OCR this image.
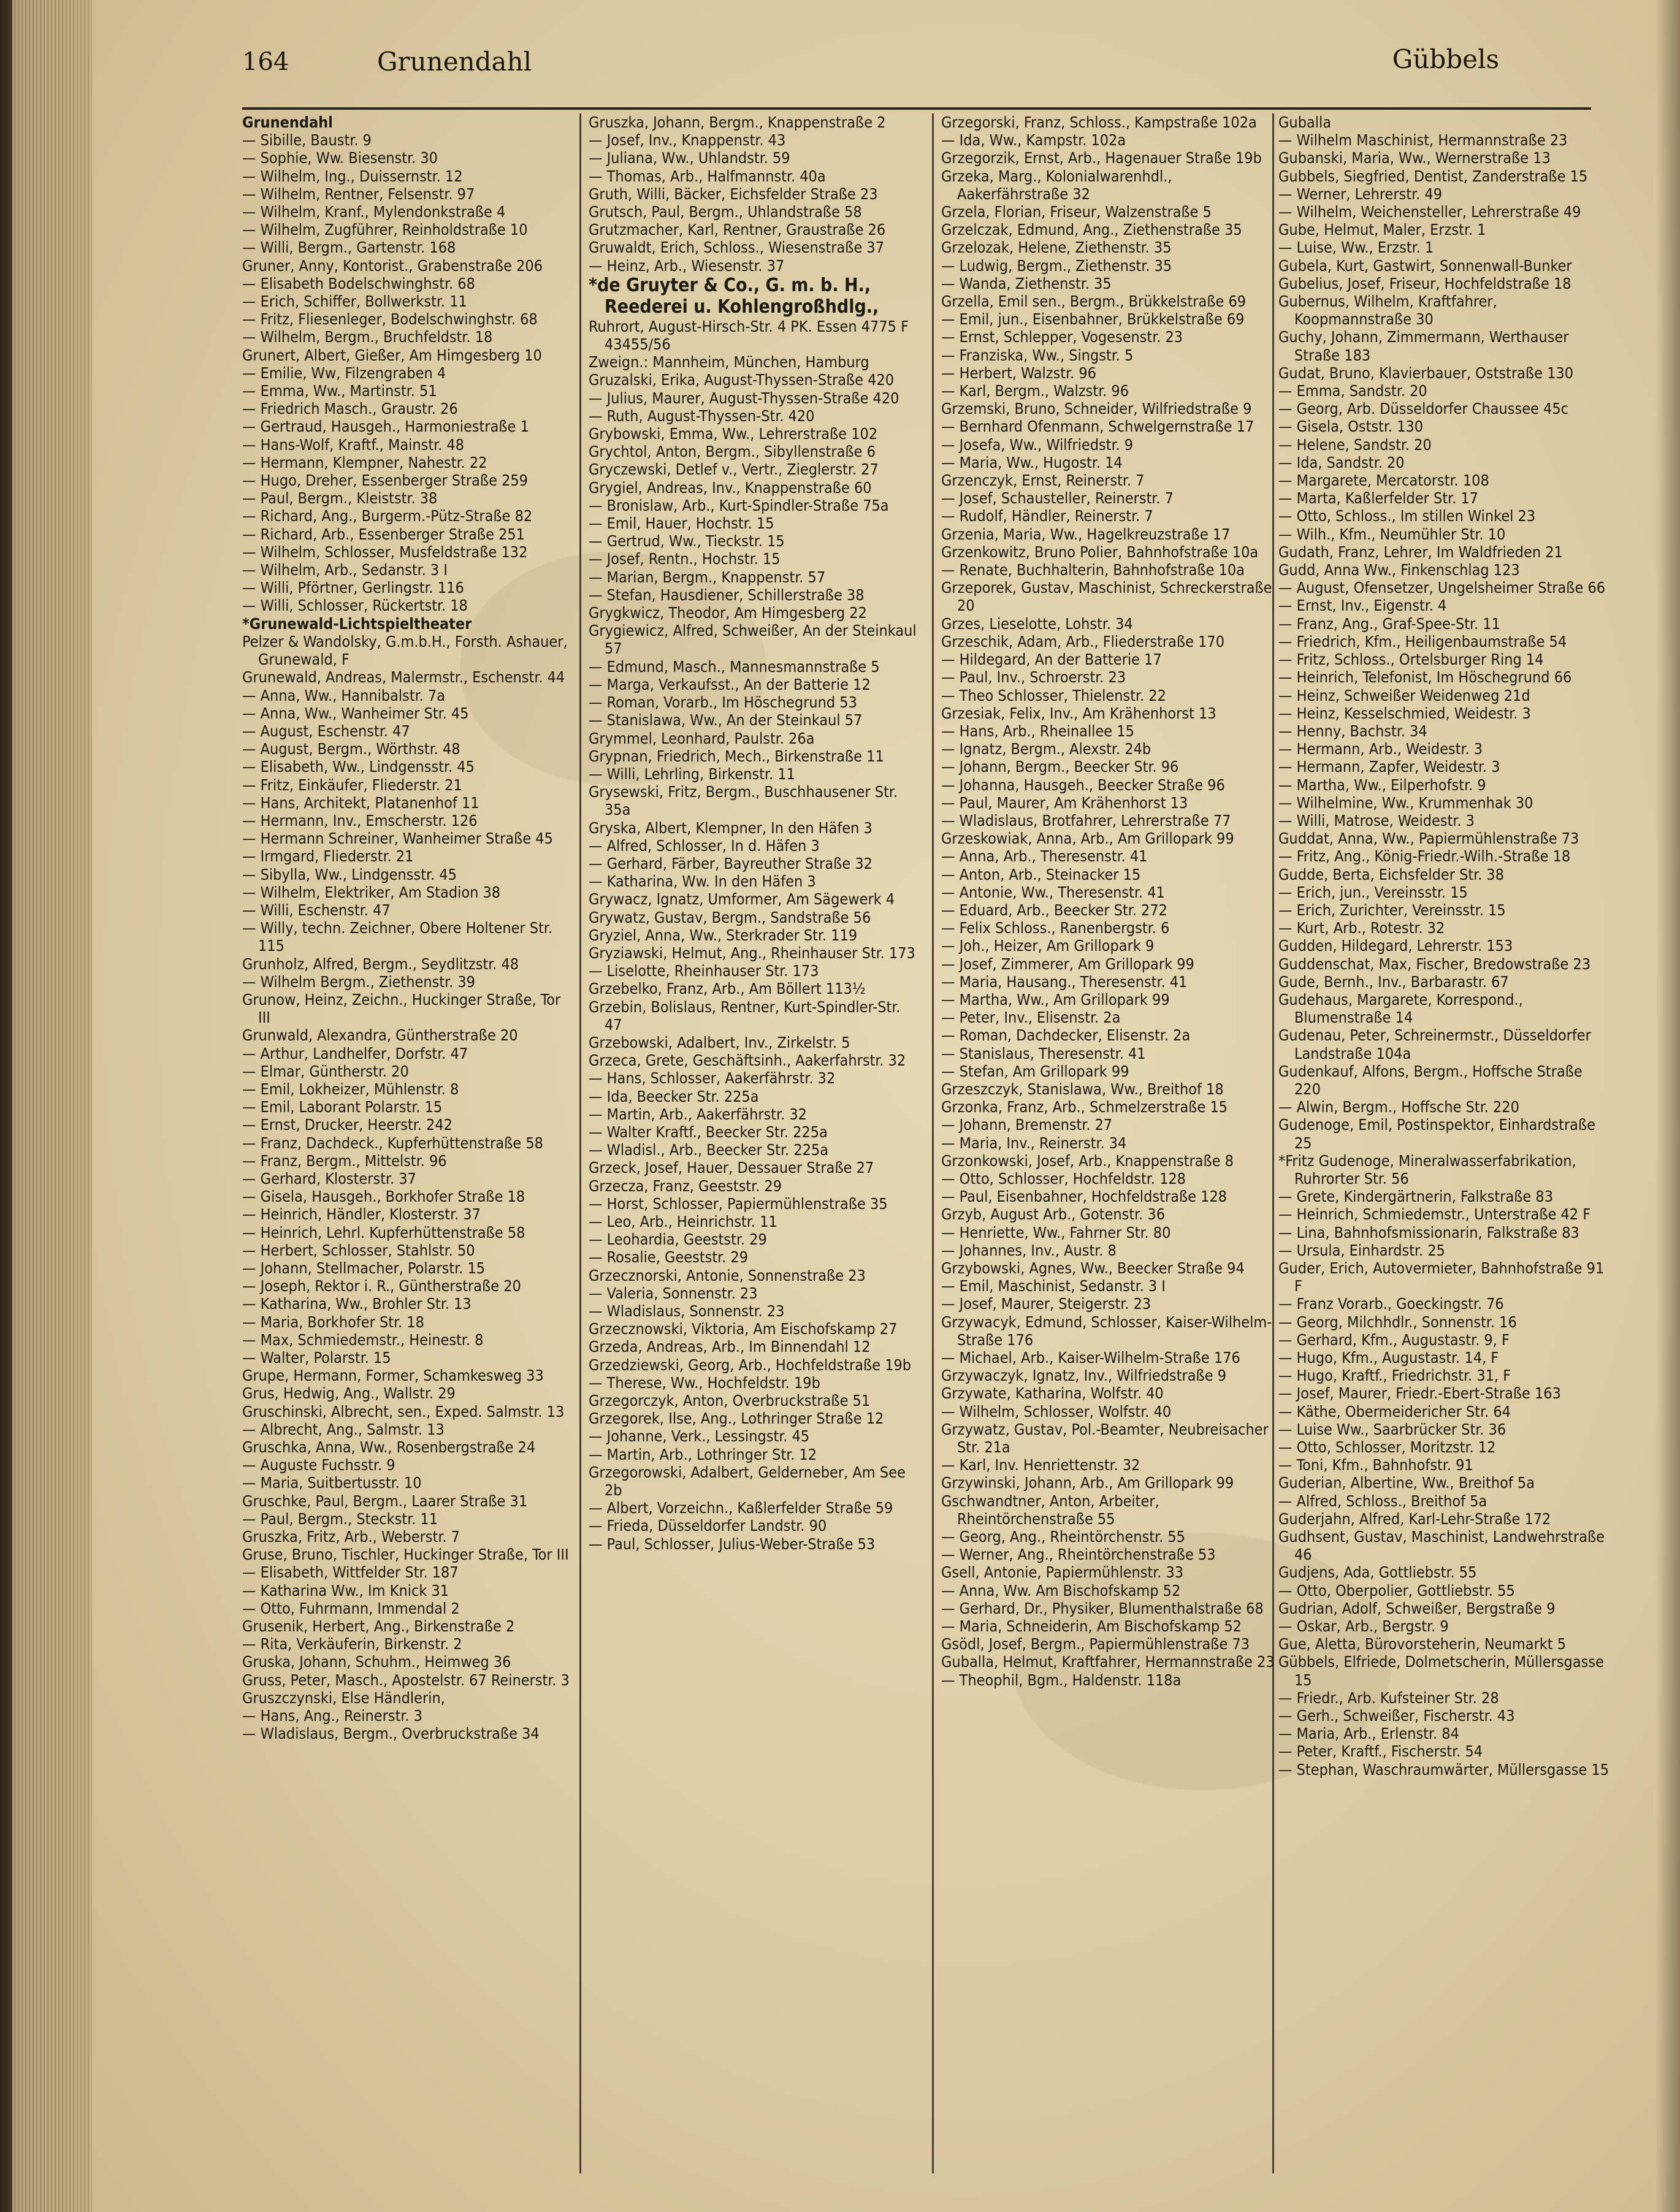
164	Grunendahl	Gübbels

Grunendahl

— Sibille, Baustr. 9

— Sophie, Ww. Biesenstr. 30

— Wilhelm, Ing., Duissernstr. 12

— Wilhelm, Rentner, Felsenstr. 97

— Wilhelm, Kranf., Mylendonkstraße 4

— Wilhelm, Zugführer, Reinholdstraße 10

— Willi, Bergm., Gartenstr. 168

Gruner, Anny, Kontorist., Grabenstraße 206

— Elisabeth Bodelschwinghstr. 68

— Erich, Schiffer, Bollwerkstr. 11

— Fritz, Fliesenleger, Bodelschwinghstr. 68

— Wilhelm, Bergm., Bruchfeldstr. 18

Grunert, Albert, Gießer, Am Himgesberg 10

— Emilie, Ww, Filzengraben 4

— Emma, Ww., Martinstr. 51

— Friedrich Masch., Graustr. 26

— Gertraud, Hausgeh., Harmoniestraße 1

— Hans-Wolf, Kraftf., Mainstr. 48

— Hermann, Klempner, Nahestr. 22

— Hugo, Dreher, Essenberger Straße 259

— Paul, Bergm., Kleiststr. 38

— Richard, Ang., Burgerm.-Pütz-Straße 82

— Richard, Arb., Essenberger Straße 251

— Wilhelm, Schlosser, Musfeldstraße 132

— Wilhelm, Arb., Sedanstr. 3 I

— Willi, Pförtner, Gerlingstr. 116

— Willi, Schlosser, Rückertstr. 18

*Grunewald-Lichtspieltheater

Pelzer & Wandolsky, G.m.b.H., Forsth. Ashauer, Grunewald, F

Grunewald, Andreas, Malermstr., Eschenstr. 44

— Anna, Ww., Hannibalstr. 7a

— Anna, Ww., Wanheimer Str. 45

— August, Eschenstr. 47

— August, Bergm., Wörthstr. 48

— Elisabeth, Ww., Lindgensstr. 45

— Fritz, Einkäufer, Fliederstr. 21

— Hans, Architekt, Platanenhof 11

— Hermann, Inv., Emscherstr. 126

— Hermann Schreiner, Wanheimer Straße 45

— Irmgard, Fliederstr. 21

— Sibylla, Ww., Lindgensstr. 45

— Wilhelm, Elektriker, Am Stadion 38

— Willi, Eschenstr. 47

— Willy, techn. Zeichner, Obere Holtener Str. 115

Grunholz, Alfred, Bergm., Seydlitzstr. 48

— Wilhelm Bergm., Ziethenstr. 39

Grunow, Heinz, Zeichn., Huckinger Straße, Tor III

Grunwald, Alexandra, Güntherstraße 20

— Arthur, Landhelfer, Dorfstr. 47

— Elmar, Güntherstr. 20

— Emil, Lokheizer, Mühlenstr. 8

— Emil, Laborant Polarstr. 15

— Ernst, Drucker, Heerstr. 242

— Franz, Dachdeck., Kupferhüttenstraße 58

— Franz, Bergm., Mittelstr. 96

— Gerhard, Klosterstr. 37

— Gisela, Hausgeh., Borkhofer Straße 18

— Heinrich, Händler, Klosterstr. 37

— Heinrich, Lehrl. Kupferhüttenstraße 58

— Herbert, Schlosser, Stahlstr. 50

— Johann, Stellmacher, Polarstr. 15

— Joseph, Rektor i. R., Güntherstraße 20

— Katharina, Ww., Brohler Str. 13

— Maria, Borkhofer Str. 18

— Max, Schmiedemstr., Heinestr. 8

— Walter, Polarstr. 15

Grupe, Hermann, Former, Schamkesweg 33

Grus, Hedwig, Ang., Wallstr. 29

Gruschinski, Albrecht, sen., Exped. Salmstr. 13

— Albrecht, Ang., Salmstr. 13

Gruschka, Anna, Ww., Rosenbergstraße 24

— Auguste Fuchsstr. 9

— Maria, Suitbertusstr. 10

Gruschke, Paul, Bergm., Laarer Straße 31

— Paul, Bergm., Steckstr. 11

Gruszka, Fritz, Arb., Weberstr. 7

Gruse, Bruno, Tischler, Huckinger Straße, Tor III

— Elisabeth, Wittfelder Str. 187

— Katharina Ww., Im Knick 31

— Otto, Fuhrmann, Immendal 2

Grusenik, Herbert, Ang., Birkenstraße 2

— Rita, Verkäuferin, Birkenstr. 2

Gruska, Johann, Schuhm., Heimweg 36

Gruss, Peter, Masch., Apostelstr. 67 Reinerstr. 3

Gruszczynski, Else Händlerin,

— Hans, Ang., Reinerstr. 3

— Wladislaus, Bergm., Overbruckstraße 34

Gruszka, Johann, Bergm., Knappenstraße 2

— Josef, Inv., Knappenstr. 43

— Juliana, Ww., Uhlandstr. 59

— Thomas, Arb., Halfmannstr. 40a

Gruth, Willi, Bäcker, Eichsfelder Straße 23

Grutsch, Paul, Bergm., Uhlandstraße 58

Grutzmacher, Karl, Rentner, Graustraße 26

Gruwaldt, Erich, Schloss., Wiesenstraße 37

— Heinz, Arb., Wiesenstr. 37

*de Gruyter & Co., G. m. b. H., Reederei u. Kohlengroßhdlg.,

Ruhrort, August-Hirsch-Str. 4 PK. Essen 4775 F 43455/56

Zweign.: Mannheim, München, Hamburg

Gruzalski, Erika, August-Thyssen-Straße 420

— Julius, Maurer, August-Thyssen-Straße 420

— Ruth, August-Thyssen-Str. 420

Grybowski, Emma, Ww., Lehrerstraße 102

Grychtol, Anton, Bergm., Sibyllenstraße 6

Gryczewski, Detlef v., Vertr., Zieglerstr. 27

Grygiel, Andreas, Inv., Knappenstraße 60

— Bronislaw, Arb., Kurt-Spindler-Straße 75a

— Emil, Hauer, Hochstr. 15

— Gertrud, Ww., Tieckstr. 15

— Josef, Rentn., Hochstr. 15

— Marian, Bergm., Knappenstr. 57

— Stefan, Hausdiener, Schillerstraße 38

Grygkwicz, Theodor, Am Himgesberg 22

Grygiewicz, Alfred, Schweißer, An der Steinkaul 57

— Edmund, Masch., Mannesmannstraße 5

— Marga, Verkaufsst., An der Batterie 12

— Roman, Vorarb., Im Höschegrund 53

— Stanislawa, Ww., An der Steinkaul 57

Grymmel, Leonhard, Paulstr. 26a

Grypnan, Friedrich, Mech., Birkenstraße 11

— Willi, Lehrling, Birkenstr. 11

Grysewski, Fritz, Bergm., Buschhausener Str. 35a

Gryska, Albert, Klempner, In den Häfen 3

— Alfred, Schlosser, In d. Häfen 3

— Gerhard, Färber, Bayreuther Straße 32

— Katharina, Ww. In den Häfen 3

Grywacz, Ignatz, Umformer, Am Sägewerk 4

Grywatz, Gustav, Bergm., Sandstraße 56

Gryziel, Anna, Ww., Sterkrader Str. 119

Gryziawski, Helmut, Ang., Rheinhauser Str. 173

— Liselotte, Rheinhauser Str. 173

Grzebelko, Franz, Arb., Am Böllert 113½

Grzebin, Bolislaus, Rentner, Kurt-Spindler-Str. 47

Grzebowski, Adalbert, Inv., Zirkelstr. 5

Grzeca, Grete, Geschäftsinh., Aakerfahrstr. 32

— Hans, Schlosser, Aakerfährstr. 32

— Ida, Beecker Str. 225a

— Martin, Arb., Aakerfährstr. 32

— Walter Kraftf., Beecker Str. 225a

— Wladisl., Arb., Beecker Str. 225a

Grzeck, Josef, Hauer, Dessauer Straße 27

Grzecza, Franz, Geeststr. 29

— Horst, Schlosser, Papiermühlenstraße 35

— Leo, Arb., Heinrichstr. 11

— Leohardia, Geeststr. 29

— Rosalie, Geeststr. 29

Grzecznorski, Antonie, Sonnenstraße 23

— Valeria, Sonnenstr. 23

— Wladislaus, Sonnenstr. 23

Grzecznowski, Viktoria, Am Eischofskamp 27

Grzeda, Andreas, Arb., Im Binnendahl 12

Grzedziewski, Georg, Arb., Hochfeldstraße 19b

— Therese, Ww., Hochfeldstr. 19b

Grzegorczyk, Anton, Overbruckstraße 51

Grzegorek, Ilse, Ang., Lothringer Straße 12

— Johanne, Verk., Lessingstr. 45

— Martin, Arb., Lothringer Str. 12

Grzegorowski, Adalbert, Gelderneber, Am See 2b

— Albert, Vorzeichn., Kaßlerfelder Straße 59

— Frieda, Düsseldorfer Landstr. 90

— Paul, Schlosser, Julius-Weber-Straße 53

Grzegorski, Franz, Schloss., Kampstraße 102a

— Ida, Ww., Kampstr. 102a

Grzegorzik, Ernst, Arb., Hagenauer Straße 19b

Grzeka, Marg., Kolonialwarenhdl., Aakerfährstraße 32

Grzela, Florian, Friseur, Walzenstraße 5

Grzelczak, Edmund, Ang., Ziethenstraße 35

Grzelozak, Helene, Ziethenstr. 35

— Ludwig, Bergm., Ziethenstr. 35

— Wanda, Ziethenstr. 35

Grzella, Emil sen., Bergm., Brükkelstraße 69

— Emil, jun., Eisenbahner, Brükkelstraße 69

— Ernst, Schlepper, Vogesenstr. 23

— Franziska, Ww., Singstr. 5

— Herbert, Walzstr. 96

— Karl, Bergm., Walzstr. 96

Grzemski, Bruno, Schneider, Wilfriedstraße 9

— Bernhard Ofenmann, Schwelgernstraße 17

— Josefa, Ww., Wilfriedstr. 9

— Maria, Ww., Hugostr. 14

Grzenczyk, Ernst, Reinerstr. 7

— Josef, Schausteller, Reinerstr. 7

— Rudolf, Händler, Reinerstr. 7

Grzenia, Maria, Ww., Hagelkreuzstraße 17

Grzenkowitz, Bruno Polier, Bahnhofstraße 10a

— Renate, Buchhalterin, Bahnhofstraße 10a

Grzeporek, Gustav, Maschinist, Schreckerstraße 20

Grzes, Lieselotte, Lohstr. 34

Grzeschik, Adam, Arb., Fliederstraße 170

— Hildegard, An der Batterie 17

— Paul, Inv., Schroerstr. 23

— Theo Schlosser, Thielenstr. 22

Grzesiak, Felix, Inv., Am Krähenhorst 13

— Hans, Arb., Rheinallee 15

— Ignatz, Bergm., Alexstr. 24b

— Johann, Bergm., Beecker Str. 96

— Johanna, Hausgeh., Beecker Straße 96

— Paul, Maurer, Am Krähenhorst 13

— Wladislaus, Brotfahrer, Lehrerstraße 77

Grzeskowiak, Anna, Arb., Am Grillopark 99

— Anna, Arb., Theresenstr. 41

— Anton, Arb., Steinacker 15

— Antonie, Ww., Theresenstr. 41

— Eduard, Arb., Beecker Str. 272

— Felix Schloss., Ranenbergstr. 6

— Joh., Heizer, Am Grillopark 9

— Josef, Zimmerer, Am Grillopark 99

— Maria, Hausang., Theresenstr. 41

— Martha, Ww., Am Grillopark 99

— Peter, Inv., Elisenstr. 2a

— Roman, Dachdecker, Elisenstr. 2a

— Stanislaus, Theresenstr. 41

— Stefan, Am Grillopark 99

Grzeszczyk, Stanislawa, Ww., Breithof 18

Grzonka, Franz, Arb., Schmelzerstraße 15

— Johann, Bremenstr. 27

— Maria, Inv., Reinerstr. 34

Grzonkowski, Josef, Arb., Knappenstraße 8

— Otto, Schlosser, Hochfeldstr. 128

— Paul, Eisenbahner, Hochfeldstraße 128

Grzyb, August Arb., Gotenstr. 36

— Henriette, Ww., Fahrner Str. 80

— Johannes, Inv., Austr. 8

Grzybowski, Agnes, Ww., Beecker Straße 94

— Emil, Maschinist, Sedanstr. 3 I

— Josef, Maurer, Steigerstr. 23

Grzywacyk, Edmund, Schlosser, Kaiser-Wilhelm-Straße 176

— Michael, Arb., Kaiser-Wilhelm-Straße 176

Grzywaczyk, Ignatz, Inv., Wilfriedstraße 9

Grzywate, Katharina, Wolfstr. 40

— Wilhelm, Schlosser, Wolfstr. 40

Grzywatz, Gustav, Pol.-Beamter, Neubreisacher Str. 21a

— Karl, Inv. Henriettenstr. 32

Grzywinski, Johann, Arb., Am Grillopark 99

Gschwandtner, Anton, Arbeiter, Rheintörchenstraße 55

— Georg, Ang., Rheintörchenstr. 55

— Werner, Ang., Rheintörchenstraße 53

Gsell, Antonie, Papiermühlenstr. 33

— Anna, Ww. Am Bischofskamp 52

— Gerhard, Dr., Physiker, Blumenthalstraße 68

— Maria, Schneiderin, Am Bischofskamp 52

Gsödl, Josef, Bergm., Papiermühlenstraße 73

Guballa, Helmut, Kraftfahrer, Hermannstraße 23

— Theophil, Bgm., Haldenstr. 118a

Guballa

— Wilhelm Maschinist, Hermannstraße 23

Gubanski, Maria, Ww., Wernerstraße 13

Gubbels, Siegfried, Dentist, Zanderstraße 15

— Werner, Lehrerstr. 49

— Wilhelm, Weichensteller, Lehrerstraße 49

Gube, Helmut, Maler, Erzstr. 1

— Luise, Ww., Erzstr. 1

Gubela, Kurt, Gastwirt, Sonnenwall-Bunker

Gubelius, Josef, Friseur, Hochfeldstraße 18

Gubernus, Wilhelm, Kraftfahrer, Koopmannstraße 30

Guchy, Johann, Zimmermann, Werthauser Straße 183

Gudat, Bruno, Klavierbauer, Oststraße 130

— Emma, Sandstr. 20

— Georg, Arb. Düsseldorfer Chaussee 45c

— Gisela, Oststr. 130

— Helene, Sandstr. 20

— Ida, Sandstr. 20

— Margarete, Mercatorstr. 108

— Marta, Kaßlerfelder Str. 17

— Otto, Schloss., Im stillen Winkel 23

— Wilh., Kfm., Neumühler Str. 10

Gudath, Franz, Lehrer, Im Waldfrieden 21

Gudd, Anna Ww., Finkenschlag 123

— August, Ofensetzer, Ungelsheimer Straße 66

— Ernst, Inv., Eigenstr. 4

— Franz, Ang., Graf-Spee-Str. 11

— Friedrich, Kfm., Heiligenbaumstraße 54

— Fritz, Schloss., Ortelsburger Ring 14

— Heinrich, Telefonist, Im Höschegrund 66

— Heinz, Schweißer Weidenweg 21d

— Heinz, Kesselschmied, Weidestr. 3

— Henny, Bachstr. 34

— Hermann, Arb., Weidestr. 3

— Hermann, Zapfer, Weidestr. 3

— Martha, Ww., Eilperhofstr. 9

— Wilhelmine, Ww., Krummenhak 30

— Willi, Matrose, Weidestr. 3

Guddat, Anna, Ww., Papiermühlenstraße 73

— Fritz, Ang., König-Friedr.-Wilh.-Straße 18

Gudde, Berta, Eichsfelder Str. 38

— Erich, jun., Vereinsstr. 15

— Erich, Zurichter, Vereinsstr. 15

— Kurt, Arb., Rotestr. 32

Gudden, Hildegard, Lehrerstr. 153

Guddenschat, Max, Fischer, Bredowstraße 23

Gude, Bernh., Inv., Barbarastr. 67

Gudehaus, Margarete, Korrespond., Blumenstraße 14

Gudenau, Peter, Schreinermstr., Düsseldorfer Landstraße 104a

Gudenkauf, Alfons, Bergm., Hoffsche Straße 220

— Alwin, Bergm., Hoffsche Str. 220

Gudenoge, Emil, Postinspektor, Einhardstraße 25

*Fritz Gudenoge, Mineralwasserfabrikation, Ruhrorter Str. 56

— Grete, Kindergärtnerin, Falkstraße 83

— Heinrich, Schmiedemstr., Unterstraße 42 F

— Lina, Bahnhofsmissionarin, Falkstraße 83

— Ursula, Einhardstr. 25

Guder, Erich, Autovermieter, Bahnhofstraße 91 F

— Franz Vorarb., Goeckingstr. 76

— Georg, Milchhdlr., Sonnenstr. 16

— Gerhard, Kfm., Augustastr. 9, F

— Hugo, Kfm., Augustastr. 14, F

— Hugo, Kraftf., Friedrichstr. 31, F

— Josef, Maurer, Friedr.-Ebert-Straße 163

— Käthe, Obermeidericher Str. 64

— Luise Ww., Saarbrücker Str. 36

— Otto, Schlosser, Moritzstr. 12

— Toni, Kfm., Bahnhofstr. 91

Guderian, Albertine, Ww., Breithof 5a

— Alfred, Schloss., Breithof 5a

Guderjahn, Alfred, Karl-Lehr-Straße 172

Gudhsent, Gustav, Maschinist, Landwehrstraße 46

Gudjens, Ada, Gottliebstr. 55

— Otto, Oberpolier, Gottliebstr. 55

Gudrian, Adolf, Schweißer, Bergstraße 9

— Oskar, Arb., Bergstr. 9

Gue, Aletta, Bürovorsteherin, Neumarkt 5

Gübbels, Elfriede, Dolmetscherin, Müllersgasse 15

— Friedr., Arb. Kufsteiner Str. 28

— Gerh., Schweißer, Fischerstr. 43

— Maria, Arb., Erlenstr. 84

— Peter, Kraftf., Fischerstr. 54

— Stephan, Waschraumwärter, Müllersgasse 15
